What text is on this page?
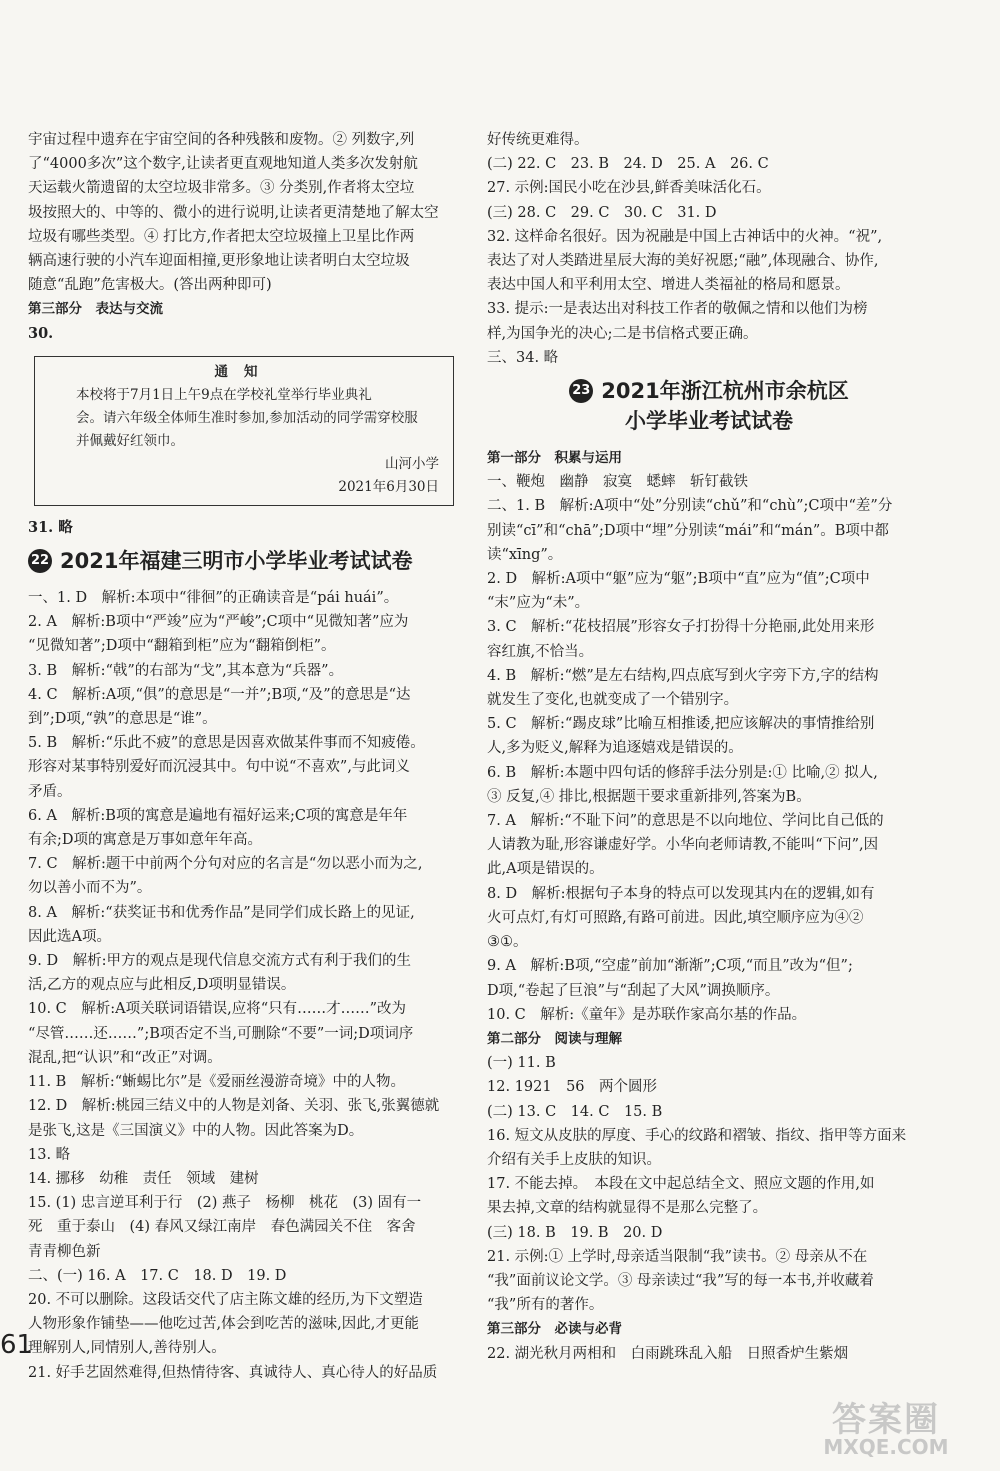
宇宙过程中遗弃在宇宙空间的各种残骸和废物。② 列数字,列
了“4000多次”这个数字,让读者更直观地知道人类多次发射航
天运载火箭遗留的太空垃圾非常多。③ 分类别,作者将太空垃
圾按照大的、中等的、微小的进行说明,让读者更清楚地了解太空
垃圾有哪些类型。④ 打比方,作者把太空垃圾撞上卫星比作两
辆高速行驶的小汽车迎面相撞,更形象地让读者明白太空垃圾
随意“乱跑”危害极大。(答出两种即可)

第三部分　表达与交流

30.

通知
本校将于7月1日上午9点在学校礼堂举行毕业典礼
会。请六年级全体师生准时参加,参加活动的同学需穿校服
并佩戴好红领巾。
山河小学
2021年6月30日

31. 略

22 2021年福建三明市小学毕业考试试卷
一、1. D　解析:本项中“徘徊”的正确读音是“pái huái”。
2. A　解析:B项中“严竣”应为“严峻”;C项中“见微知著”应为
“见微知著”;D项中“翻箱到柜”应为“翻箱倒柜”。
3. B　解析:“戟”的右部为“戈”,其本意为“兵器”。
4. C　解析:A项,“俱”的意思是“一并”;B项,“及”的意思是“达
到”;D项,“孰”的意思是“谁”。
5. B　解析:“乐此不疲”的意思是因喜欢做某件事而不知疲倦。
形容对某事特别爱好而沉浸其中。句中说“不喜欢”,与此词义
矛盾。
6. A　解析:B项的寓意是遍地有福好运来;C项的寓意是年年
有余;D项的寓意是万事如意年年高。
7. C　解析:题干中前两个分句对应的名言是“勿以恶小而为之,
勿以善小而不为”。
8. A　解析:“获奖证书和优秀作品”是同学们成长路上的见证,
因此选A项。
9. D　解析:甲方的观点是现代信息交流方式有利于我们的生
活,乙方的观点应与此相反,D项明显错误。
10. C　解析:A项关联词语错误,应将“只有……才……”改为
“尽管……还……”;B项否定不当,可删除“不要”一词;D项词序
混乱,把“认识”和“改正”对调。
11. B　解析:“蜥蜴比尔”是《爱丽丝漫游奇境》中的人物。
12. D　解析:桃园三结义中的人物是刘备、关羽、张飞,张翼德就
是张飞,这是《三国演义》中的人物。因此答案为D。
13. 略
14. 挪移　幼稚　责任　领域　建树
15. (1) 忠言逆耳利于行　(2) 燕子　杨柳　桃花　(3) 固有一
死　重于泰山　(4) 春风又绿江南岸　春色满园关不住　客舍
青青柳色新
二、(一) 16. A　17. C　18. D　19. D
20. 不可以删除。这段话交代了店主陈文雄的经历,为下文塑造
人物形象作铺垫——他吃过苦,体会到吃苦的滋味,因此,才更能
理解别人,同情别人,善待别人。
21. 好手艺固然难得,但热情待客、真诚待人、真心待人的好品质
好传统更难得。
(二) 22. C　23. B　24. D　25. A　26. C
27. 示例:国民小吃在沙县,鲜香美味活化石。
(三) 28. C　29. C　30. C　31. D
32. 这样命名很好。因为祝融是中国上古神话中的火神。“祝”,
表达了对人类踏进星辰大海的美好祝愿;“融”,体现融合、协作,
表达中国人和平利用太空、增进人类福祉的格局和愿景。
33. 提示:一是表达出对科技工作者的敬佩之情和以他们为榜
样,为国争光的决心;二是书信格式要正确。
三、34. 略
23 2021年浙江杭州市余杭区
小学毕业考试试卷

第一部分　积累与运用

一、鞭炮　幽静　寂寞　蟋蟀　斩钉截铁
二、1. B　解析:A项中“处”分别读“chǔ”和“chù”;C项中“差”分
别读“cī”和“chā”;D项中“埋”分别读“mái”和“mán”。B项中都
读“xīng”。
2. D　解析:A项中“躯”应为“躯”;B项中“直”应为“值”;C项中
“末”应为“未”。
3. C　解析:“花枝招展”形容女子打扮得十分艳丽,此处用来形
容红旗,不恰当。
4. B　解析:“燃”是左右结构,四点底写到火字旁下方,字的结构
就发生了变化,也就变成了一个错别字。
5. C　解析:“踢皮球”比喻互相推诿,把应该解决的事情推给别
人,多为贬义,解释为追逐嬉戏是错误的。
6. B　解析:本题中四句话的修辞手法分别是:① 比喻,② 拟人,
③ 反复,④ 排比,根据题干要求重新排列,答案为B。
7. A　解析:“不耻下问”的意思是不以向地位、学问比自己低的
人请教为耻,形容谦虚好学。小华向老师请教,不能叫“下问”,因
此,A项是错误的。
8. D　解析:根据句子本身的特点可以发现其内在的逻辑,如有
火可点灯,有灯可照路,有路可前进。因此,填空顺序应为④②
③①。
9. A　解析:B项,“空虚”前加“渐渐”;C项,“而且”改为“但”;
D项,“卷起了巨浪”与“刮起了大风”调换顺序。
10. C　解析:《童年》是苏联作家高尔基的作品。

第二部分　阅读与理解

(一) 11. B
12. 1921　56　两个圆形
(二) 13. C　14. C　15. B
16. 短文从皮肤的厚度、手心的纹路和褶皱、指纹、指甲等方面来
介绍有关手上皮肤的知识。
17. 不能去掉。　本段在文中起总结全文、照应文题的作用,如
果去掉,文章的结构就显得不是那么完整了。
(三) 18. B　19. B　20. D
21. 示例:① 上学时,母亲适当限制“我”读书。② 母亲从不在
“我”面前议论文学。③ 母亲读过“我”写的每一本书,并收藏着
“我”所有的著作。

第三部分　必读与必背

22. 湖光秋月两相和　白雨跳珠乱入船　日照香炉生紫烟
61
答案圈
MXQE.COM
